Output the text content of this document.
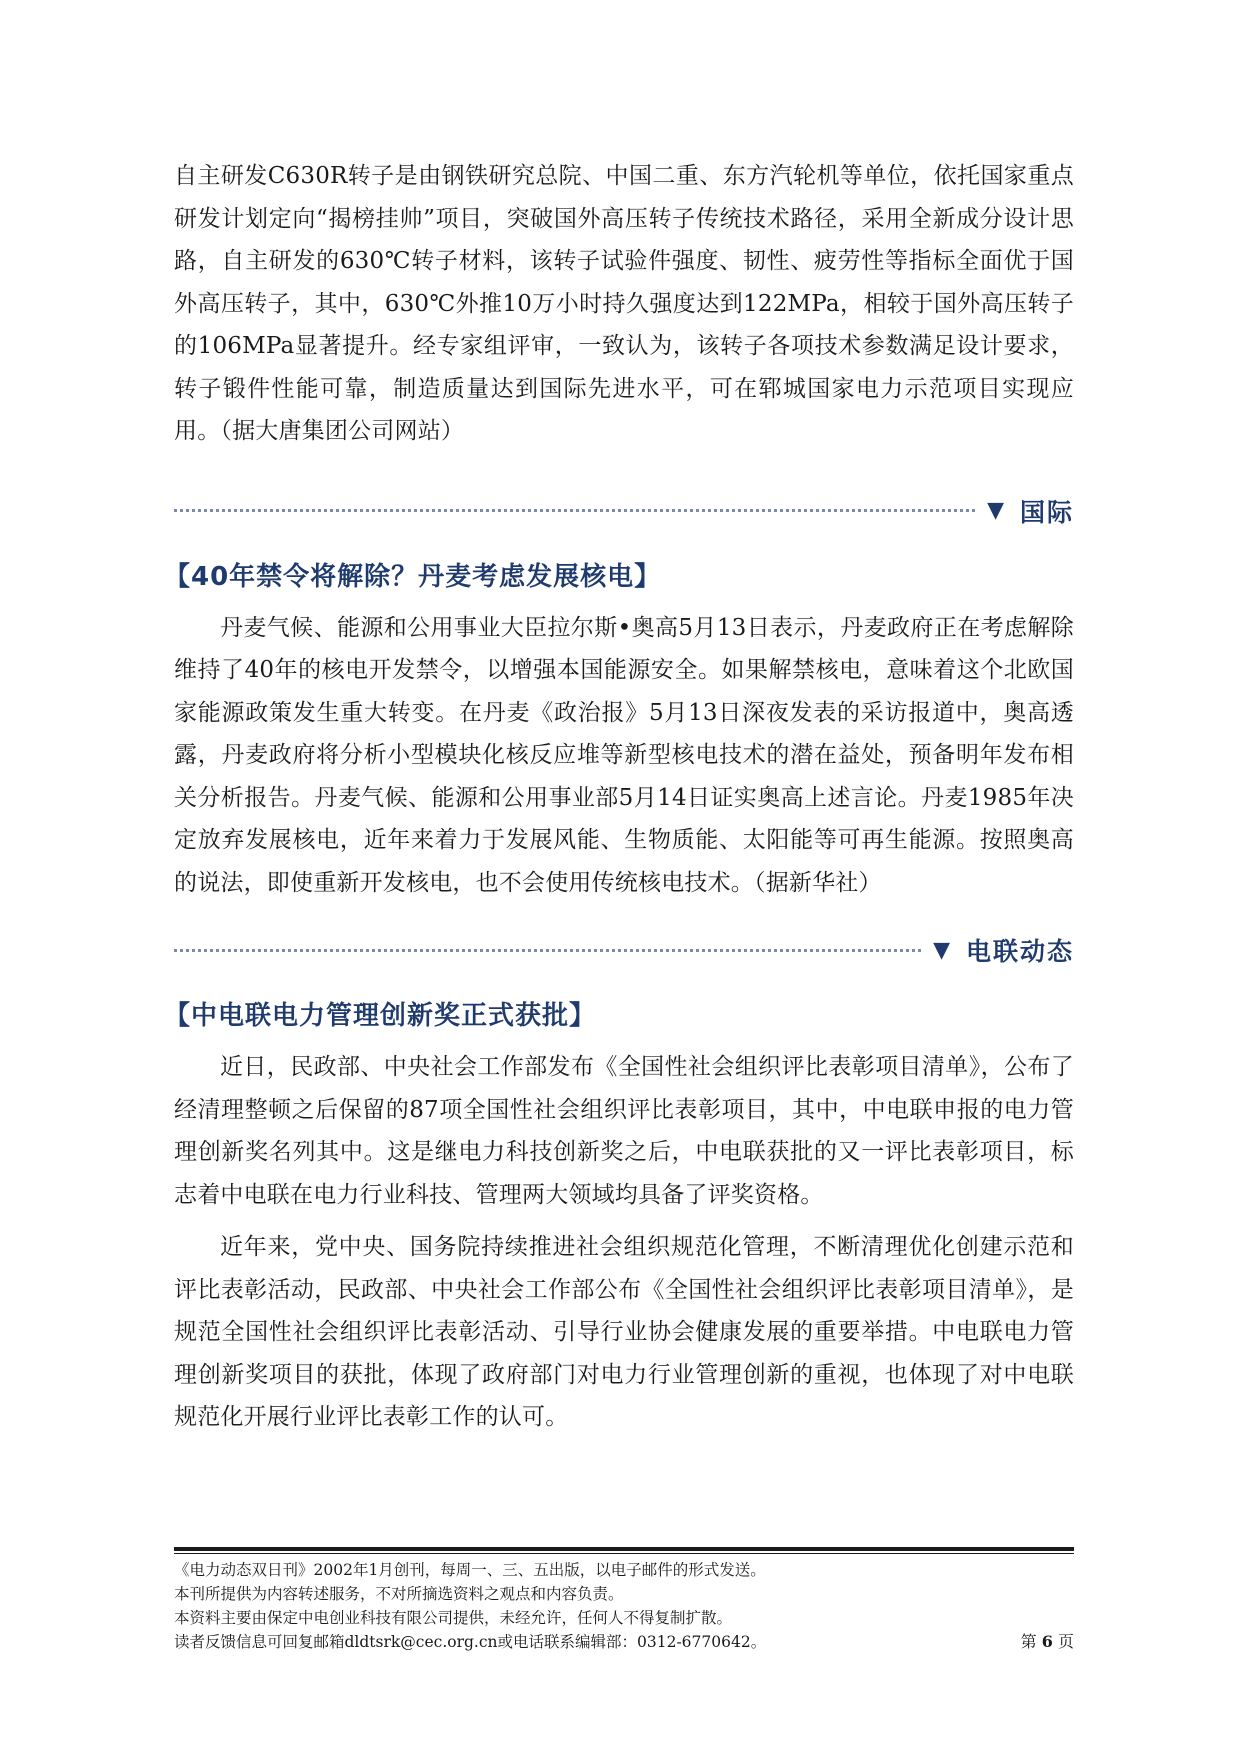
自主研发C630R转子是由钢铁研究总院、中国二重、东方汽轮机等单位，依托国家重点研发计划定向“揭榜挂帅”项目，突破国外高压转子传统技术路径，采用全新成分设计思路，自主研发的630℃转子材料，该转子试验件强度、韧性、疲劳性等指标全面优于国外高压转子，其中，630℃外推10万小时持久强度达到122MPa，相较于国外高压转子的106MPa显著提升。经专家组评审，一致认为，该转子各项技术参数满足设计要求，转子锻件性能可靠，制造质量达到国际先进水平，可在郓城国家电力示范项目实现应用。（据大唐集团公司网站）

▼ 国际
【40年禁令将解除？丹麦考虑发展核电】

丹麦气候、能源和公用事业大臣拉尔斯•奥高5月13日表示，丹麦政府正在考虑解除维持了40年的核电开发禁令，以增强本国能源安全。如果解禁核电，意味着这个北欧国家能源政策发生重大转变。在丹麦《政治报》5月13日深夜发表的采访报道中，奥高透露，丹麦政府将分析小型模块化核反应堆等新型核电技术的潜在益处，预备明年发布相关分析报告。丹麦气候、能源和公用事业部5月14日证实奥高上述言论。丹麦1985年决定放弃发展核电，近年来着力于发展风能、生物质能、太阳能等可再生能源。按照奥高的说法，即使重新开发核电，也不会使用传统核电技术。（据新华社）

▼ 电联动态
【中电联电力管理创新奖正式获批】

近日，民政部、中央社会工作部发布《全国性社会组织评比表彰项目清单》，公布了经清理整顿之后保留的87项全国性社会组织评比表彰项目，其中，中电联申报的电力管理创新奖名列其中。这是继电力科技创新奖之后，中电联获批的又一评比表彰项目，标志着中电联在电力行业科技、管理两大领域均具备了评奖资格。

近年来，党中央、国务院持续推进社会组织规范化管理，不断清理优化创建示范和评比表彰活动，民政部、中央社会工作部公布《全国性社会组织评比表彰项目清单》，是规范全国性社会组织评比表彰活动、引导行业协会健康发展的重要举措。中电联电力管理创新奖项目的获批，体现了政府部门对电力行业管理创新的重视，也体现了对中电联规范化开展行业评比表彰工作的认可。

《电力动态双日刊》2002年1月创刊，每周一、三、五出版，以电子邮件的形式发送。
本刊所提供为内容转述服务，不对所摘选资料之观点和内容负责。
本资料主要由保定中电创业科技有限公司提供，未经允许，任何人不得复制扩散。
读者反馈信息可回复邮箱dldtsrk@cec.org.cn或电话联系编辑部：0312-6770642。	第 6 页
